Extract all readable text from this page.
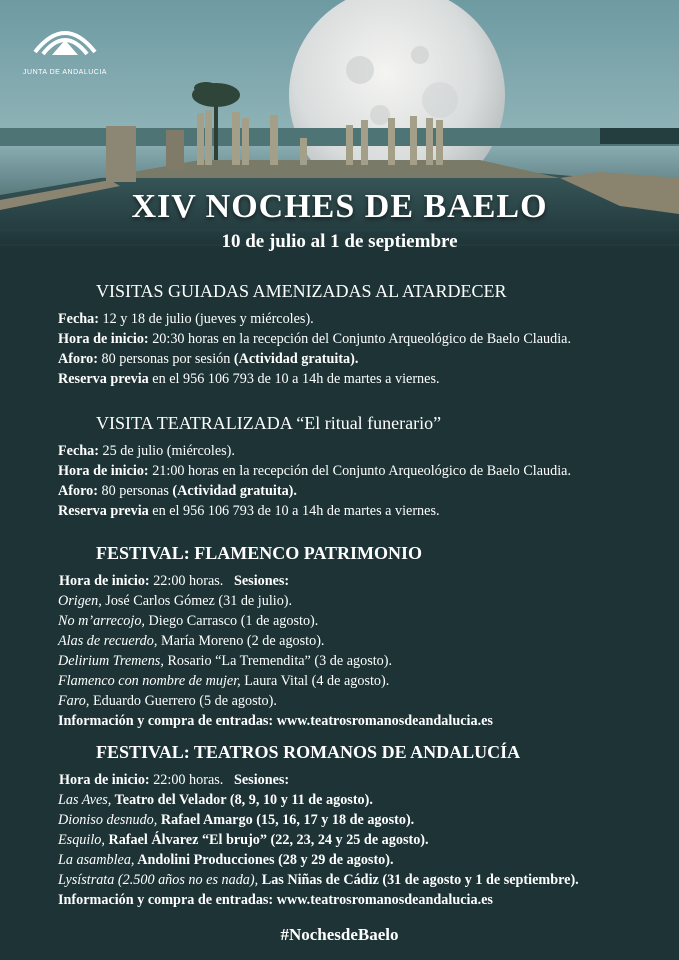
JUNTA DE ANDALUCIA
XIV NOCHES DE BAELO
10 de julio al 1 de septiembre
VISITAS GUIADAS AMENIZADAS AL ATARDECER
Fecha: 12 y 18 de julio (jueves y miércoles).
Hora de inicio: 20:30 horas en la recepción del Conjunto Arqueológico de Baelo Claudia.
Aforo: 80 personas por sesión (Actividad gratuita).
Reserva previa en el 956 106 793 de 10 a 14h de martes a viernes.
VISITA TEATRALIZADA “El ritual funerario”
Fecha: 25 de julio (miércoles).
Hora de inicio: 21:00 horas en la recepción del Conjunto Arqueológico de Baelo Claudia.
Aforo: 80 personas (Actividad gratuita).
Reserva previa en el 956 106 793 de 10 a 14h de martes a viernes.
FESTIVAL: FLAMENCO PATRIMONIO
Hora de inicio: 22:00 horas. Sesiones:
Origen, José Carlos Gómez (31 de julio).
No m’arrecojo, Diego Carrasco (1 de agosto).
Alas de recuerdo, María Moreno (2 de agosto).
Delirium Tremens, Rosario “La Tremendita” (3 de agosto).
Flamenco con nombre de mujer, Laura Vital (4 de agosto).
Faro, Eduardo Guerrero (5 de agosto).
Información y compra de entradas: www.teatrosromanosdeandalucia.es
FESTIVAL: TEATROS ROMANOS DE ANDALUCÍA
Hora de inicio: 22:00 horas. Sesiones:
Las Aves, Teatro del Velador (8, 9, 10 y 11 de agosto).
Dioniso desnudo, Rafael Amargo (15, 16, 17 y 18 de agosto).
Esquilo, Rafael Álvarez “El brujo” (22, 23, 24 y 25 de agosto).
La asamblea, Andolini Producciones (28 y 29 de agosto).
Lysístrata (2.500 años no es nada), Las Niñas de Cádiz (31 de agosto y 1 de septiembre).
Información y compra de entradas: www.teatrosromanosdeandalucia.es
#NochesdeBaelo
